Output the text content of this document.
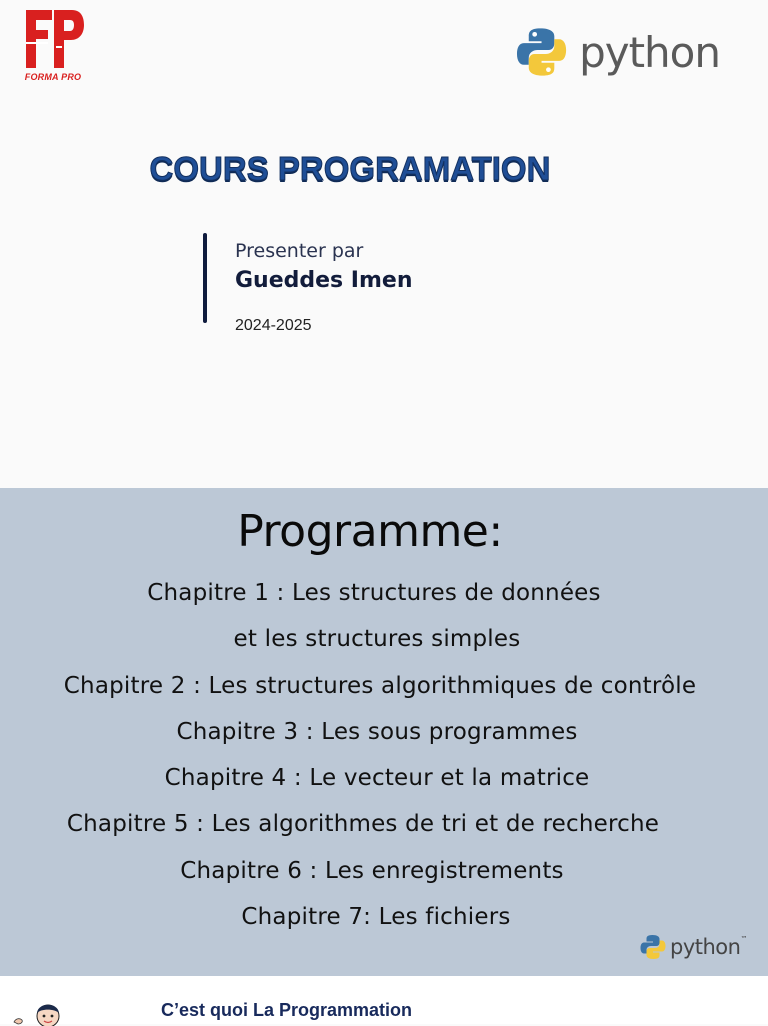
FORMA PRO
python
COURS PROGRAMATION
Presenter par
Gueddes Imen
2024-2025
Programme:
Chapitre 1 : Les structures de données
et les structures simples
Chapitre 2 : Les structures algorithmiques de contrôle
Chapitre 3 : Les sous programmes
Chapitre 4 : Le vecteur et la matrice
Chapitre 5 : Les algorithmes de tri et de recherche
Chapitre 6 : Les enregistrements
Chapitre 7: Les fichiers
python ™
C’est quoi La Programmation
